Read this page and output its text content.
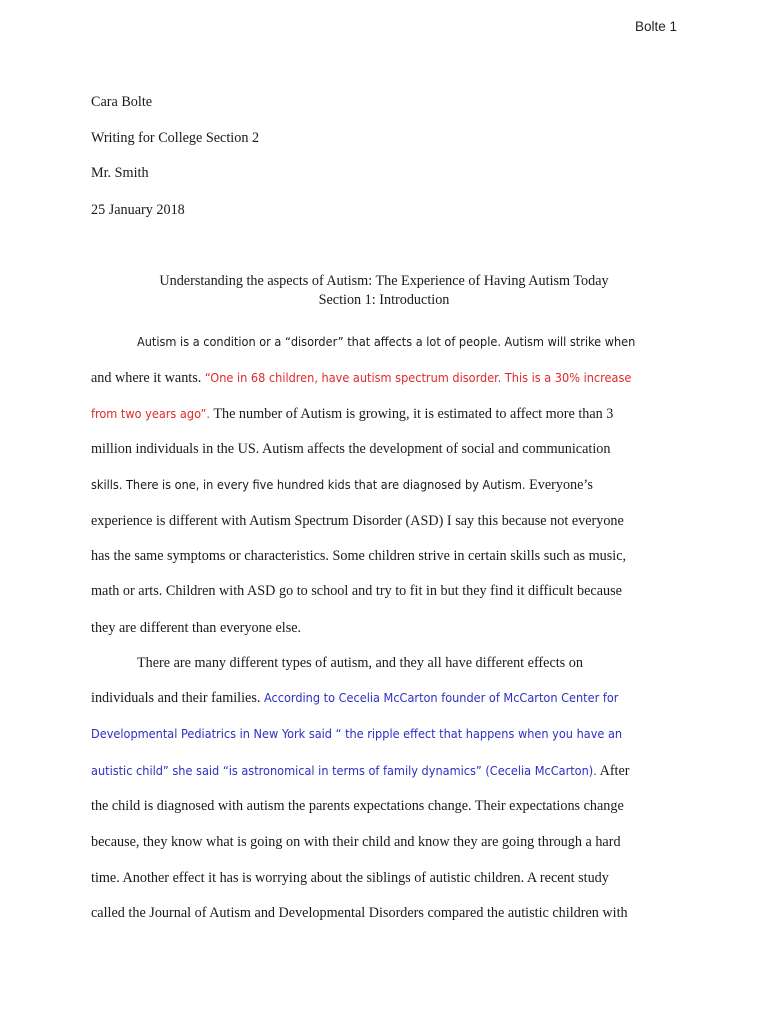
Bolte 1
Cara Bolte
Writing for College Section 2
Mr. Smith
25 January 2018
Understanding the aspects of Autism: The Experience of Having Autism Today
Section 1: Introduction
Autism is a condition or a “disorder” that affects a lot of people. Autism will strike when
and where it wants. “One in 68 children, have autism spectrum disorder. This is a 30% increase
from two years ago”. The number of Autism is growing, it is estimated to affect more than 3
million individuals in the US. Autism affects the development of social and communication
skills. There is one, in every five hundred kids that are diagnosed by Autism. Everyone’s
experience is different with Autism Spectrum Disorder (ASD) I say this because not everyone
has the same symptoms or characteristics. Some children strive in certain skills such as music,
math or arts. Children with ASD go to school and try to fit in but they find it difficult because
they are different than everyone else.
There are many different types of autism, and they all have different effects on
individuals and their families. According to Cecelia McCarton founder of McCarton Center for
Developmental Pediatrics in New York said “ the ripple effect that happens when you have an
autistic child” she said “is astronomical in terms of family dynamics” (Cecelia McCarton). After
the child is diagnosed with autism the parents expectations change. Their expectations change
because, they know what is going on with their child and know they are going through a hard
time. Another effect it has is worrying about the siblings of autistic children. A recent study
called the Journal of Autism and Developmental Disorders compared the autistic children with
